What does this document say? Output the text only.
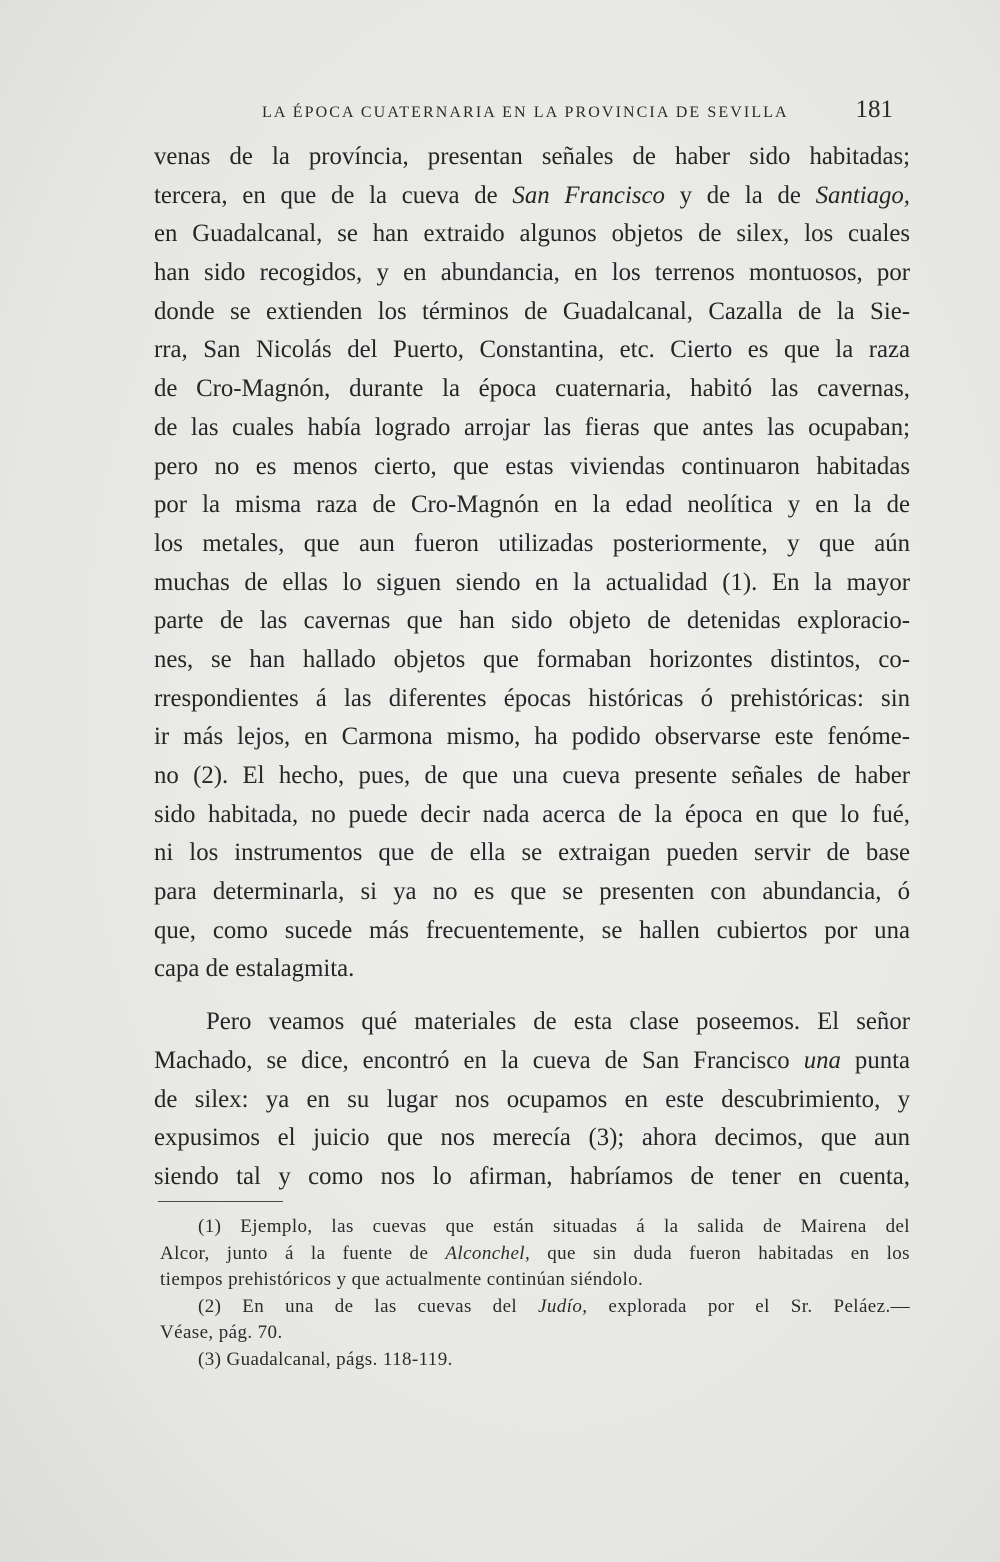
LA ÉPOCA CUATERNARIA EN LA PROVINCIA DE SEVILLA	181
venas de la província, presentan señales de haber sido habitadas;
tercera, en que de la cueva de San Francisco y de la de Santiago,
en Guadalcanal, se han extraido algunos objetos de silex, los cuales
han sido recogidos, y en abundancia, en los terrenos montuosos, por
donde se extienden los términos de Guadalcanal, Cazalla de la Sie-
rra, San Nicolás del Puerto, Constantina, etc. Cierto es que la raza
de Cro-Magnón, durante la época cuaternaria, habitó las cavernas,
de las cuales había logrado arrojar las fieras que antes las ocupaban;
pero no es menos cierto, que estas viviendas continuaron habitadas
por la misma raza de Cro-Magnón en la edad neolítica y en la de
los metales, que aun fueron utilizadas posteriormente, y que aún
muchas de ellas lo siguen siendo en la actualidad (1). En la mayor
parte de las cavernas que han sido objeto de detenidas exploracio-
nes, se han hallado objetos que formaban horizontes distintos, co-
rrespondientes á las diferentes épocas históricas ó prehistóricas: sin
ir más lejos, en Carmona mismo, ha podido observarse este fenóme-
no (2). El hecho, pues, de que una cueva presente señales de haber
sido habitada, no puede decir nada acerca de la época en que lo fué,
ni los instrumentos que de ella se extraigan pueden servir de base
para determinarla, si ya no es que se presenten con abundancia, ó
que, como sucede más frecuentemente, se hallen cubiertos por una
capa de estalagmita.
Pero veamos qué materiales de esta clase poseemos. El señor
Machado, se dice, encontró en la cueva de San Francisco una punta
de silex: ya en su lugar nos ocupamos en este descubrimiento, y
expusimos el juicio que nos merecía (3); ahora decimos, que aun
siendo tal y como nos lo afirman, habríamos de tener en cuenta,
(1) Ejemplo, las cuevas que están situadas á la salida de Mairena del
Alcor, junto á la fuente de Alconchel, que sin duda fueron habitadas en los
tiempos prehistóricos y que actualmente continúan siéndolo.
(2) En una de las cuevas del Judío, explorada por el Sr. Peláez.—
Véase, pág. 70.
(3) Guadalcanal, págs. 118-119.
